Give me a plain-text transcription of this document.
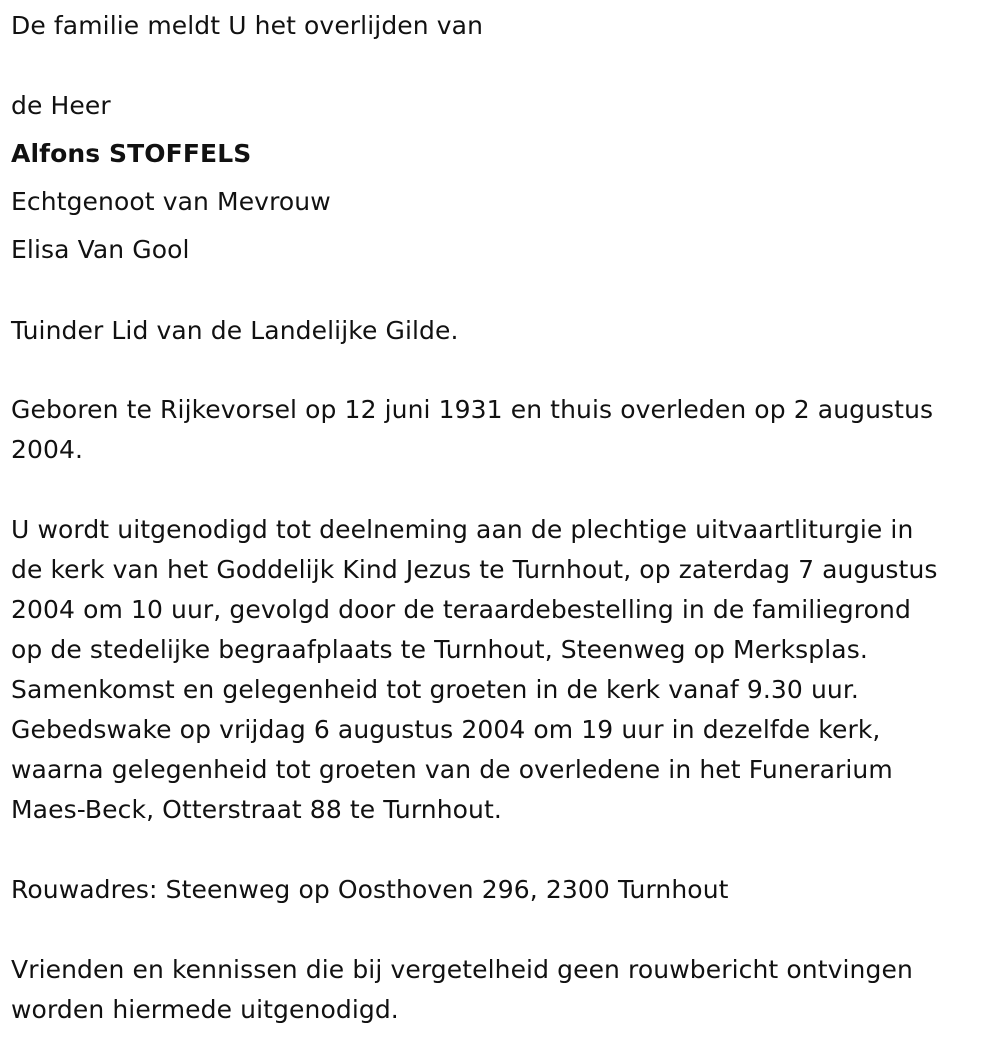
De familie meldt U het overlijden van
de Heer
Alfons STOFFELS
Echtgenoot van Mevrouw
Elisa Van Gool
Tuinder Lid van de Landelijke Gilde.
Geboren te Rijkevorsel op 12 juni 1931 en thuis overleden op 2 augustus 2004.
U wordt uitgenodigd tot deelneming aan de plechtige uitvaartliturgie in
de kerk van het Goddelijk Kind Jezus te Turnhout, op zaterdag 7 augustus
2004 om 10 uur, gevolgd door de teraardebestelling in de familiegrond
op de stedelijke begraafplaats te Turnhout, Steenweg op Merksplas.
Samenkomst en gelegenheid tot groeten in de kerk vanaf 9.30 uur.
Gebedswake op vrijdag 6 augustus 2004 om 19 uur in dezelfde kerk,
waarna gelegenheid tot groeten van de overledene in het Funerarium
Maes-Beck, Otterstraat 88 te Turnhout.
Rouwadres: Steenweg op Oosthoven 296, 2300 Turnhout
Vrienden en kennissen die bij vergetelheid geen rouwbericht ontvingen worden hiermede uitgenodigd.
